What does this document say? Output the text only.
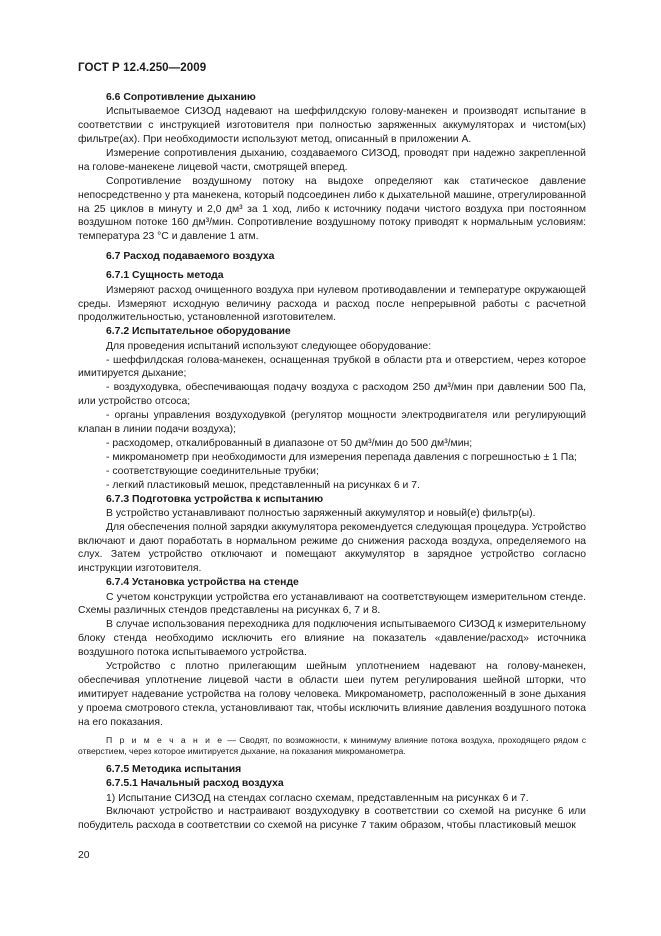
ГОСТ Р 12.4.250—2009
6.6 Сопротивление дыханию

Испытываемое СИЗОД надевают на шеффилдскую голову-манекен и производят испытание в соответствии с инструкцией изготовителя при полностью заряженных аккумуляторах и чистом(ых) фильтре(ах). При необходимости используют метод, описанный в приложении А.

Измерение сопротивления дыханию, создаваемого СИЗОД, проводят при надежно закрепленной на голове-манекене лицевой части, смотрящей вперед.

Сопротивление воздушному потоку на выдохе определяют как статическое давление непосредственно у рта манекена, который подсоединен либо к дыхательной машине, отрегулированной на 25 циклов в минуту и 2,0 дм³ за 1 ход, либо к источнику подачи чистого воздуха при постоянном воздушном потоке 160 дм³/мин. Сопротивление воздушному потоку приводят к нормальным условиям: температура 23 °С и давление 1 атм.

6.7 Расход подаваемого воздуха
6.7.1 Сущность метода

Измеряют расход очищенного воздуха при нулевом противодавлении и температуре окружающей среды. Измеряют исходную величину расхода и расход после непрерывной работы с расчетной продолжительностью, установленной изготовителем.

6.7.2 Испытательное оборудование

Для проведения испытаний используют следующее оборудование:

- шеффилдская голова-манекен, оснащенная трубкой в области рта и отверстием, через которое имитируется дыхание;

- воздуходувка, обеспечивающая подачу воздуха с расходом 250 дм³/мин при давлении 500 Па, или устройство отсоса;

- органы управления воздуходувкой (регулятор мощности электродвигателя или регулирующий клапан в линии подачи воздуха);

- расходомер, откалиброванный в диапазоне от 50 дм³/мин до 500 дм³/мин;

- микроманометр при необходимости для измерения перепада давления с погрешностью ± 1 Па;

- соответствующие соединительные трубки;

- легкий пластиковый мешок, представленный на рисунках 6 и 7.

6.7.3 Подготовка устройства к испытанию

В устройство устанавливают полностью заряженный аккумулятор и новый(е) фильтр(ы).

Для обеспечения полной зарядки аккумулятора рекомендуется следующая процедура. Устройство включают и дают поработать в нормальном режиме до снижения расхода воздуха, определяемого на слух. Затем устройство отключают и помещают аккумулятор в зарядное устройство согласно инструкции изготовителя.

6.7.4 Установка устройства на стенде

С учетом конструкции устройства его устанавливают на соответствующем измерительном стенде. Схемы различных стендов представлены на рисунках 6, 7 и 8.

В случае использования переходника для подключения испытываемого СИЗОД к измерительному блоку стенда необходимо исключить его влияние на показатель «давление/расход» источника воздушного потока испытываемого устройства.

Устройство с плотно прилегающим шейным уплотнением надевают на голову-манекен, обеспечивая уплотнение лицевой части в области шеи путем регулирования шейной шторки, что имитирует надевание устройства на голову человека. Микроманометр, расположенный в зоне дыхания у проема смотрового стекла, установливают так, чтобы исключить влияние давления воздушного потока на его показания.

П р и м е ч а н и е — Сводят, по возможности, к минимуму влияние потока воздуха, проходящего рядом с отверстием, через которое имитируется дыхание, на показания микроманометра.

6.7.5 Методика испытания
6.7.5.1 Начальный расход воздуха

1) Испытание СИЗОД на стендах согласно схемам, представленным на рисунках 6 и 7.

Включают устройство и настраивают воздуходувку в соответствии со схемой на рисунке 6 или побудитель расхода в соответствии со схемой на рисунке 7 таким образом, чтобы пластиковый мешок

20
